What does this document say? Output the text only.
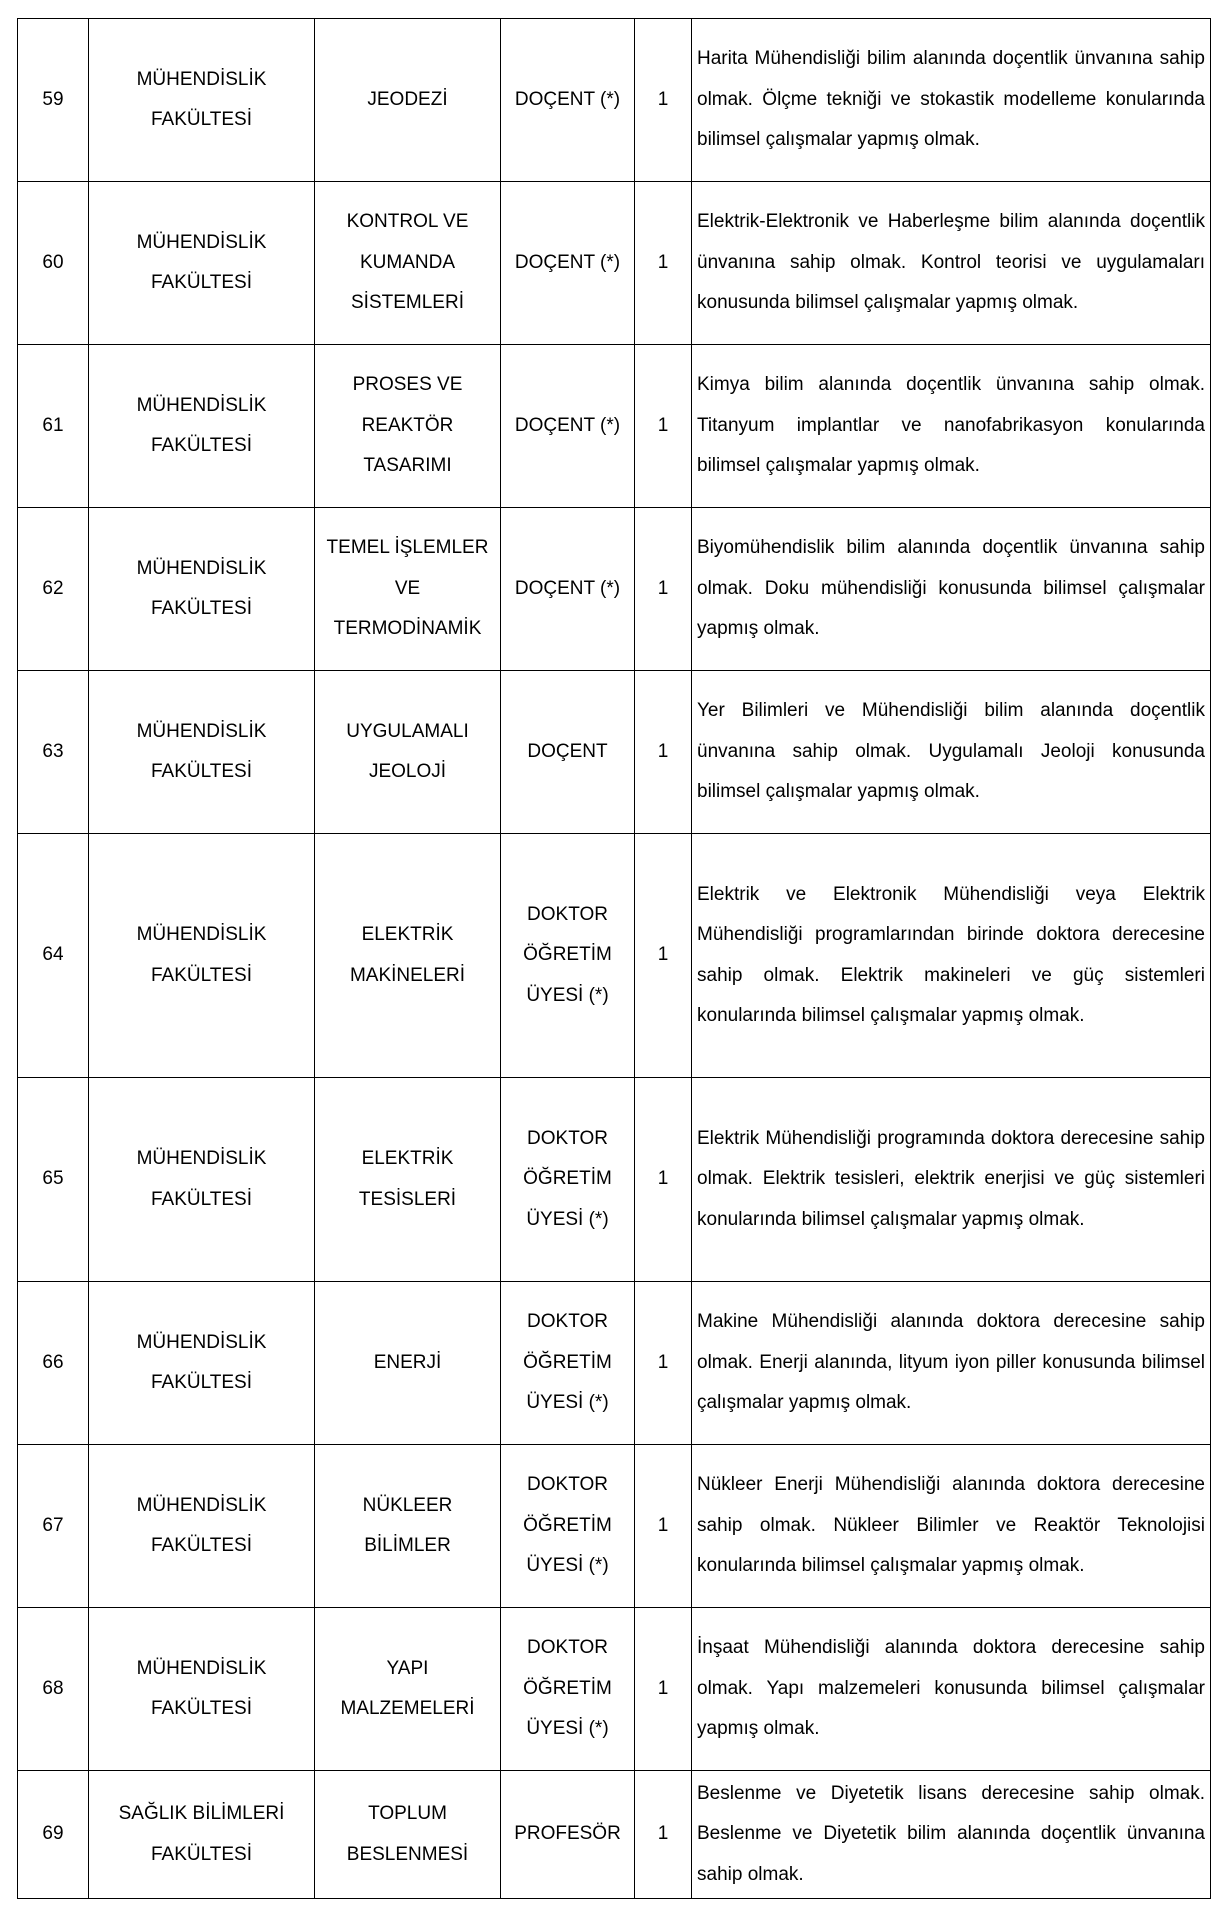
59	MÜHENDİSLİK FAKÜLTESİ	JEODEZİ	DOÇENT (*)	1	Harita Mühendisliği bilim alanında doçentlik ünvanına sahip olmak. Ölçme tekniği ve stokastik modelleme konularında bilimsel çalışmalar yapmış olmak.
60	MÜHENDİSLİK FAKÜLTESİ	KONTROL VE KUMANDA SİSTEMLERİ	DOÇENT (*)	1	Elektrik-Elektronik ve Haberleşme bilim alanında doçentlik ünvanına sahip olmak. Kontrol teorisi ve uygulamaları konusunda bilimsel çalışmalar yapmış olmak.
61	MÜHENDİSLİK FAKÜLTESİ	PROSES VE REAKTÖR TASARIMI	DOÇENT (*)	1	Kimya bilim alanında doçentlik ünvanına sahip olmak. Titanyum implantlar ve nanofabrikasyon konularında bilimsel çalışmalar yapmış olmak.
62	MÜHENDİSLİK FAKÜLTESİ	TEMEL İŞLEMLER VE TERMODİNAMİK	DOÇENT (*)	1	Biyomühendislik bilim alanında doçentlik ünvanına sahip olmak. Doku mühendisliği konusunda bilimsel çalışmalar yapmış olmak.
63	MÜHENDİSLİK FAKÜLTESİ	UYGULAMALI JEOLOJİ	DOÇENT	1	Yer Bilimleri ve Mühendisliği bilim alanında doçentlik ünvanına sahip olmak. Uygulamalı Jeoloji konusunda bilimsel çalışmalar yapmış olmak.
64	MÜHENDİSLİK FAKÜLTESİ	ELEKTRİK MAKİNELERİ	DOKTOR ÖĞRETİM ÜYESİ (*)	1	Elektrik ve Elektronik Mühendisliği veya Elektrik Mühendisliği programlarından birinde doktora derecesine sahip olmak. Elektrik makineleri ve güç sistemleri konularında bilimsel çalışmalar yapmış olmak.
65	MÜHENDİSLİK FAKÜLTESİ	ELEKTRİK TESİSLERİ	DOKTOR ÖĞRETİM ÜYESİ (*)	1	Elektrik Mühendisliği programında doktora derecesine sahip olmak. Elektrik tesisleri, elektrik enerjisi ve güç sistemleri konularında bilimsel çalışmalar yapmış olmak.
66	MÜHENDİSLİK FAKÜLTESİ	ENERJİ	DOKTOR ÖĞRETİM ÜYESİ (*)	1	Makine Mühendisliği alanında doktora derecesine sahip olmak. Enerji alanında, lityum iyon piller konusunda bilimsel çalışmalar yapmış olmak.
67	MÜHENDİSLİK FAKÜLTESİ	NÜKLEER BİLİMLER	DOKTOR ÖĞRETİM ÜYESİ (*)	1	Nükleer Enerji Mühendisliği alanında doktora derecesine sahip olmak. Nükleer Bilimler ve Reaktör Teknolojisi konularında bilimsel çalışmalar yapmış olmak.
68	MÜHENDİSLİK FAKÜLTESİ	YAPI MALZEMELERİ	DOKTOR ÖĞRETİM ÜYESİ (*)	1	İnşaat Mühendisliği alanında doktora derecesine sahip olmak. Yapı malzemeleri konusunda bilimsel çalışmalar yapmış olmak.
69	SAĞLIK BİLİMLERİ FAKÜLTESİ	TOPLUM BESLENMESİ	PROFESÖR	1	Beslenme ve Diyetetik lisans derecesine sahip olmak. Beslenme ve Diyetetik bilim alanında doçentlik ünvanına sahip olmak.
